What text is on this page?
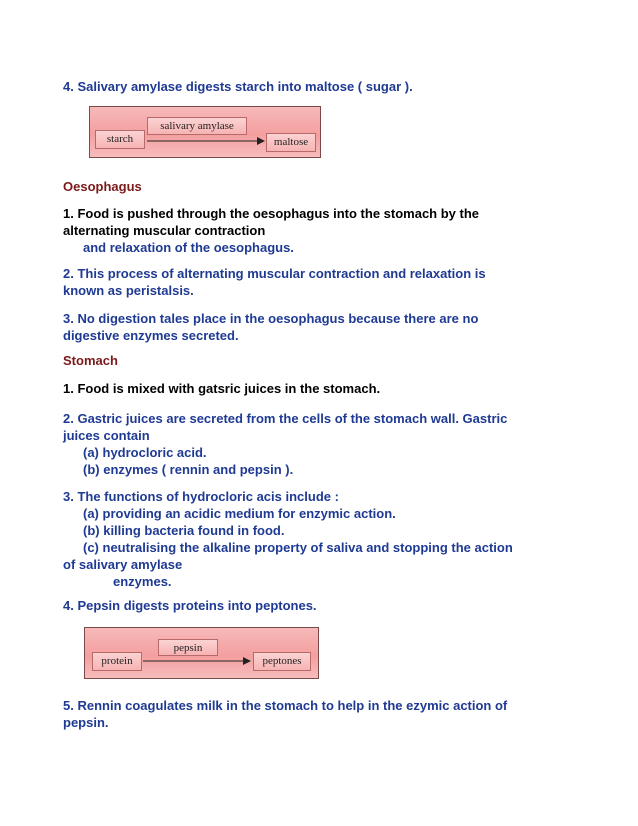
4. Salivary amylase digests starch into maltose ( sugar ).

starch
salivary amylase
maltose

Oesophagus

1. Food is pushed through the oesophagus into the stomach by the
alternating muscular contraction
and relaxation of the oesophagus.

2. This process of alternating muscular contraction and relaxation is
known as peristalsis.

3. No digestion tales place in the oesophagus because there are no
digestive enzymes secreted.

Stomach

1. Food is mixed with gatsric juices in the stomach.

2. Gastric juices are secreted from the cells of the stomach wall. Gastric
juices contain
(a) hydrocloric acid.
(b) enzymes ( rennin and pepsin ).

3. The functions of hydrocloric acis include :
(a) providing an acidic medium for enzymic action.
(b) killing bacteria found in food.
(c) neutralising the alkaline property of saliva and stopping the action
of salivary amylase
enzymes.

4. Pepsin digests proteins into peptones.

protein
pepsin
peptones

5. Rennin coagulates milk in the stomach to help in the ezymic action of
pepsin.
